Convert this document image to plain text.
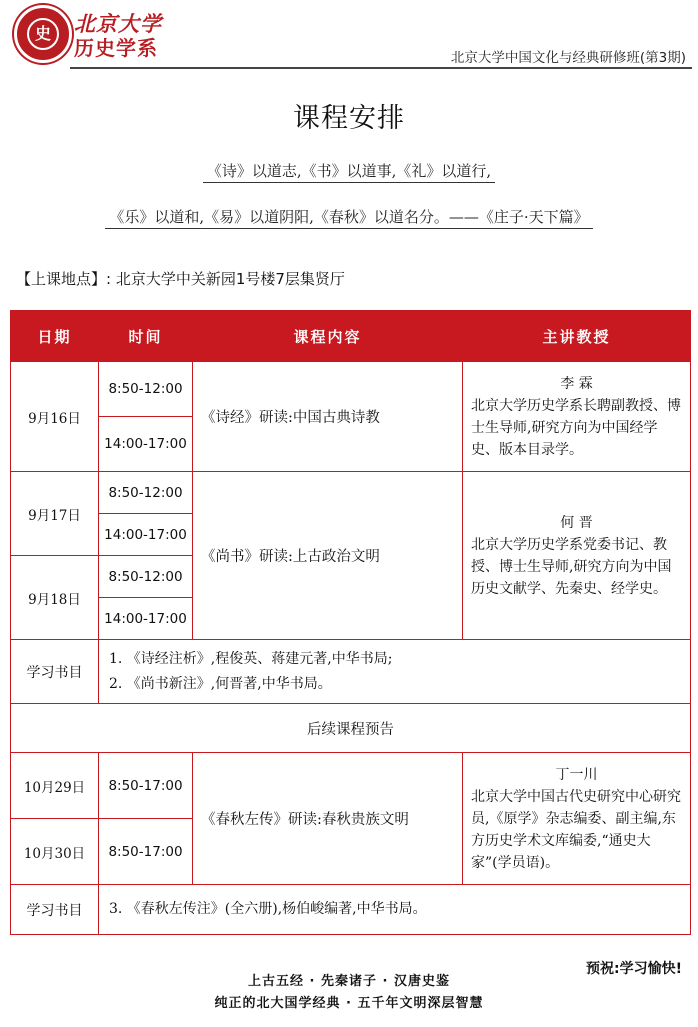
史	北京大学
历史学系	北京大学中国文化与经典研修班(第3期)
课程安排
《诗》以道志,《书》以道事,《礼》以道行,
《乐》以道和,《易》以道阴阳,《春秋》以道名分。——《庄子·天下篇》
【上课地点】: 北京大学中关新园1号楼7层集贤厅
日期	时间	课程内容	主讲教授
9月16日	8:50-12:00	《诗经》研读:中国古典诗教	李 霖
北京大学历史学系长聘副教授、博士生导师,研究方向为中国经学史、版本目录学。
	14:00-17:00		
9月17日	8:50-12:00	《尚书》研读:上古政治文明	何 晋
北京大学历史学系党委书记、教授、博士生导师,研究方向为中国历史文献学、先秦史、经学史。
	14:00-17:00		
9月18日	8:50-12:00		
	14:00-17:00		
学习书目	1. 《诗经注析》,程俊英、蒋建元著,中华书局;
2. 《尚书新注》,何晋著,中华书局。		

后续课程预告			
10月29日	8:50-17:00	《春秋左传》研读:春秋贵族文明	丁一川
北京大学中国古代史研究中心研究员,《原学》杂志编委、副主编,东方历史学术文库编委,“通史大家”(学员语)。
10月30日	8:50-17:00		
学习书目	3. 《春秋左传注》(全六册),杨伯峻编著,中华书局。		
预祝:学习愉快!
上古五经 · 先秦诸子 · 汉唐史鉴
纯正的北大国学经典 · 五千年文明深层智慧
